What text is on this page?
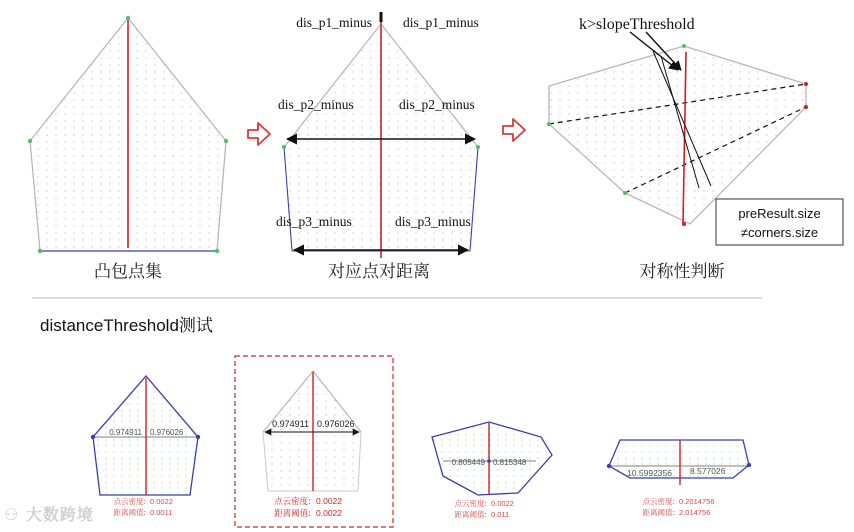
凸包点集
dis_p1_minus dis_p1_minus
dis_p2_minus	dis_p2_minus
dis_p3_minus	dis_p3_minus
对应点对距离
k>slopeThreshold
preResult.size
≠corners.size
对称性判断
distanceThreshold测试
0.974911 0.976026
点云密度: 0.0022
距离阈值: 0.0011
0.974911 0.976026
点云密度: 0.0022
距离阈值: 0.0022
0.805449 0.815348
点云密度: 0.0022
距离阈值: 0.011
10.5992356 8.577026
点云密度: 0.2014756
距离阈值: 2.014756
⚇ 大数跨境
